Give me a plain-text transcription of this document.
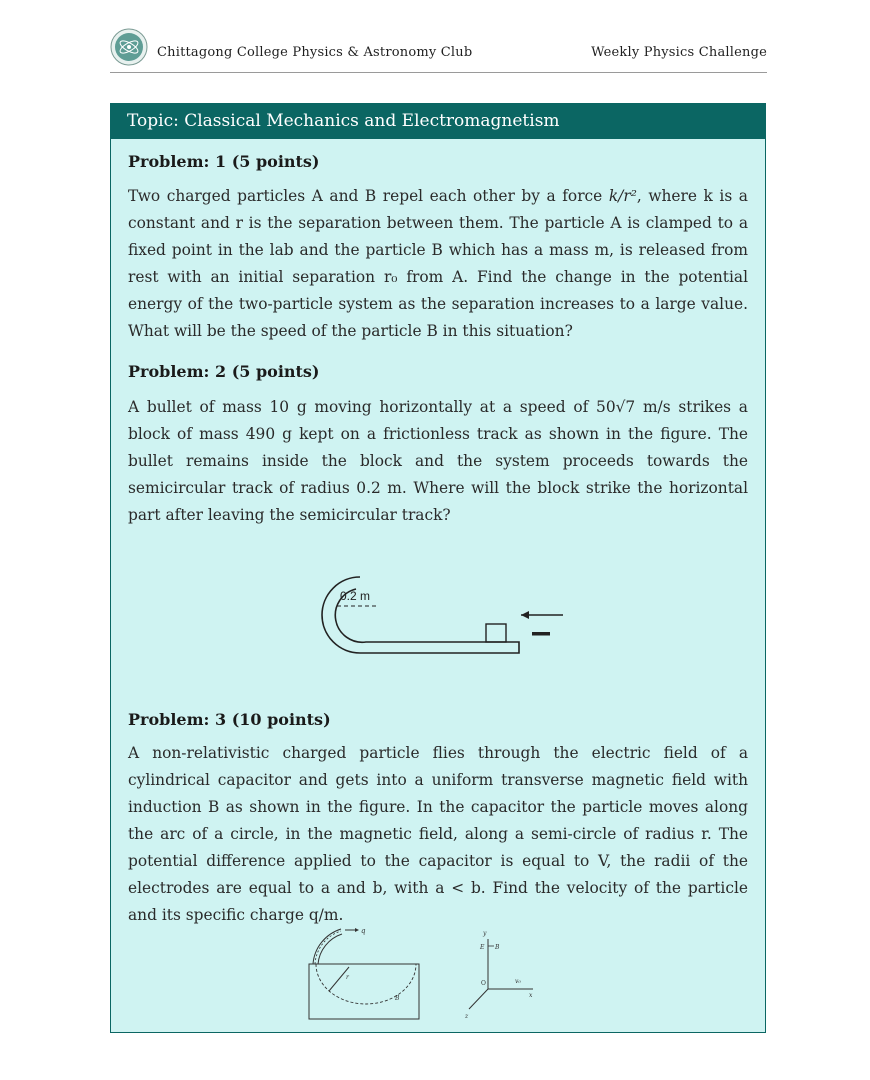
Chittagong College Physics & Astronomy Club	Weekly Physics Challenge
Topic: Classical Mechanics and Electromagnetism
Problem: 1 (5 points)
Two charged particles A and B repel each other by a force k/r², where k is a constant and r is the separation between them. The particle A is clamped to a fixed point in the lab and the particle B which has a mass m, is released from rest with an initial separation r₀ from A. Find the change in the potential energy of the two-particle system as the separation increases to a large value. What will be the speed of the particle B in this situation?
Problem: 2 (5 points)
A bullet of mass 10 g moving horizontally at a speed of 50√7 m/s strikes a block of mass 490 g kept on a frictionless track as shown in the figure. The bullet remains inside the block and the system proceeds towards the semicircular track of radius 0.2 m. Where will the block strike the horizontal part after leaving the semicircular track?
0.2 m
Problem: 3 (10 points)
A non-relativistic charged particle flies through the electric field of a cylindrical capacitor and gets into a uniform transverse magnetic field with induction B as shown in the figure. In the capacitor the particle moves along the arc of a circle, in the magnetic field, along a semi-circle of radius r. The potential difference applied to the capacitor is equal to V, the radii of the electrodes are equal to a and b, with a < b. Find the velocity of the particle and its specific charge q/m.
q
r
B
y
E B
O	v₀
x
z
